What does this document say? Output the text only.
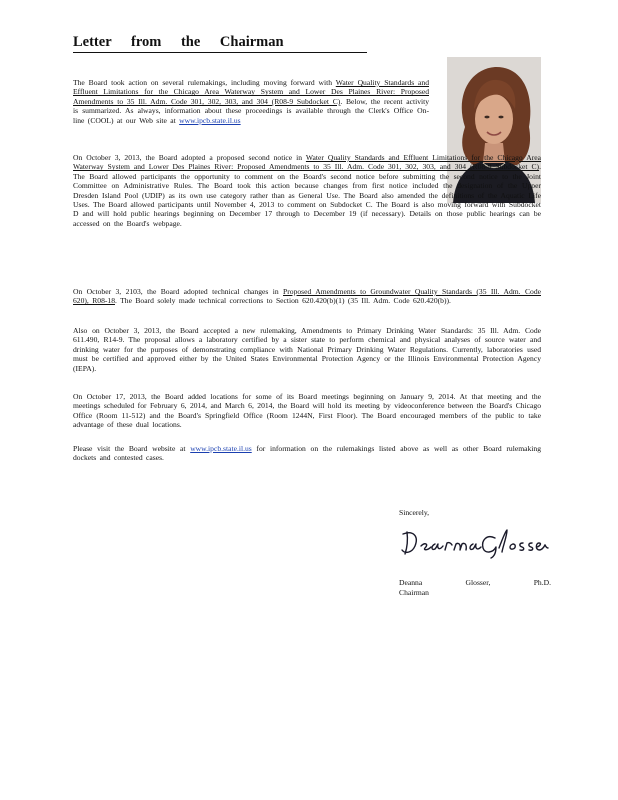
Letter from the Chairman

The Board took action on several rulemakings, including moving forward with Water Quality Standards and Effluent Limitations for the Chicago Area Waterway System and Lower Des Plaines River: Proposed Amendments to 35 Ill. Adm. Code 301, 302, 303, and 304 (R08-9 Subdocket C). Below, the recent activity is summarized. As always, information about these proceedings is available through the Clerk's Office On-line (COOL) at our Web site at www.ipcb.state.il.us

On October 3, 2013, the Board adopted a proposed second notice in Water Quality Standards and Effluent Limitations for the Chicago Area Waterway System and Lower Des Plaines River: Proposed Amendments to 35 Ill. Adm. Code 301, 302, 303, and 304 (R08-9 Subdocket C). The Board allowed participants the opportunity to comment on the Board's second notice before submitting the second notice to the Joint Committee on Administrative Rules. The Board took this action because changes from first notice included the designation of the Upper Dresden Island Pool (UDIP) as its own use category rather than as General Use. The Board also amended the definitions of the Aquatic Life Uses. The Board allowed participants until November 4, 2013 to comment on Subdocket C. The Board is also moving forward with Subdocket D and will hold public hearings beginning on December 17 through to December 19 (if necessary). Details on those public hearings can be accessed on the Board's webpage.

On October 3, 2103, the Board adopted technical changes in Proposed Amendments to Groundwater Quality Standards (35 Ill. Adm. Code 620), R08-18. The Board solely made technical corrections to Section 620.420(b)(1) (35 Ill. Adm. Code 620.420(b)).

Also on October 3, 2013, the Board accepted a new rulemaking, Amendments to Primary Drinking Water Standards: 35 Ill. Adm. Code 611.490, R14-9. The proposal allows a laboratory certified by a sister state to perform chemical and physical analyses of source water and drinking water for the purposes of demonstrating compliance with National Primary Drinking Water Regulations. Currently, laboratories used must be certified and approved either by the United States Environmental Protection Agency or the Illinois Environmental Protection Agency (IEPA).

On October 17, 2013, the Board added locations for some of its Board meetings beginning on January 9, 2014. At that meeting and the meetings scheduled for February 6, 2014, and March 6, 2014, the Board will hold its meeting by videoconference between the Board's Chicago Office (Room 11-512) and the Board's Springfield Office (Room 1244N, First Floor). The Board encouraged members of the public to take advantage of these dual locations.

Please visit the Board website at www.ipcb.state.il.us for information on the rulemakings listed above as well as other Board rulemaking dockets and contested cases.

Sincerely,
Deanna	Glosser,	Ph.D.
Chairman
